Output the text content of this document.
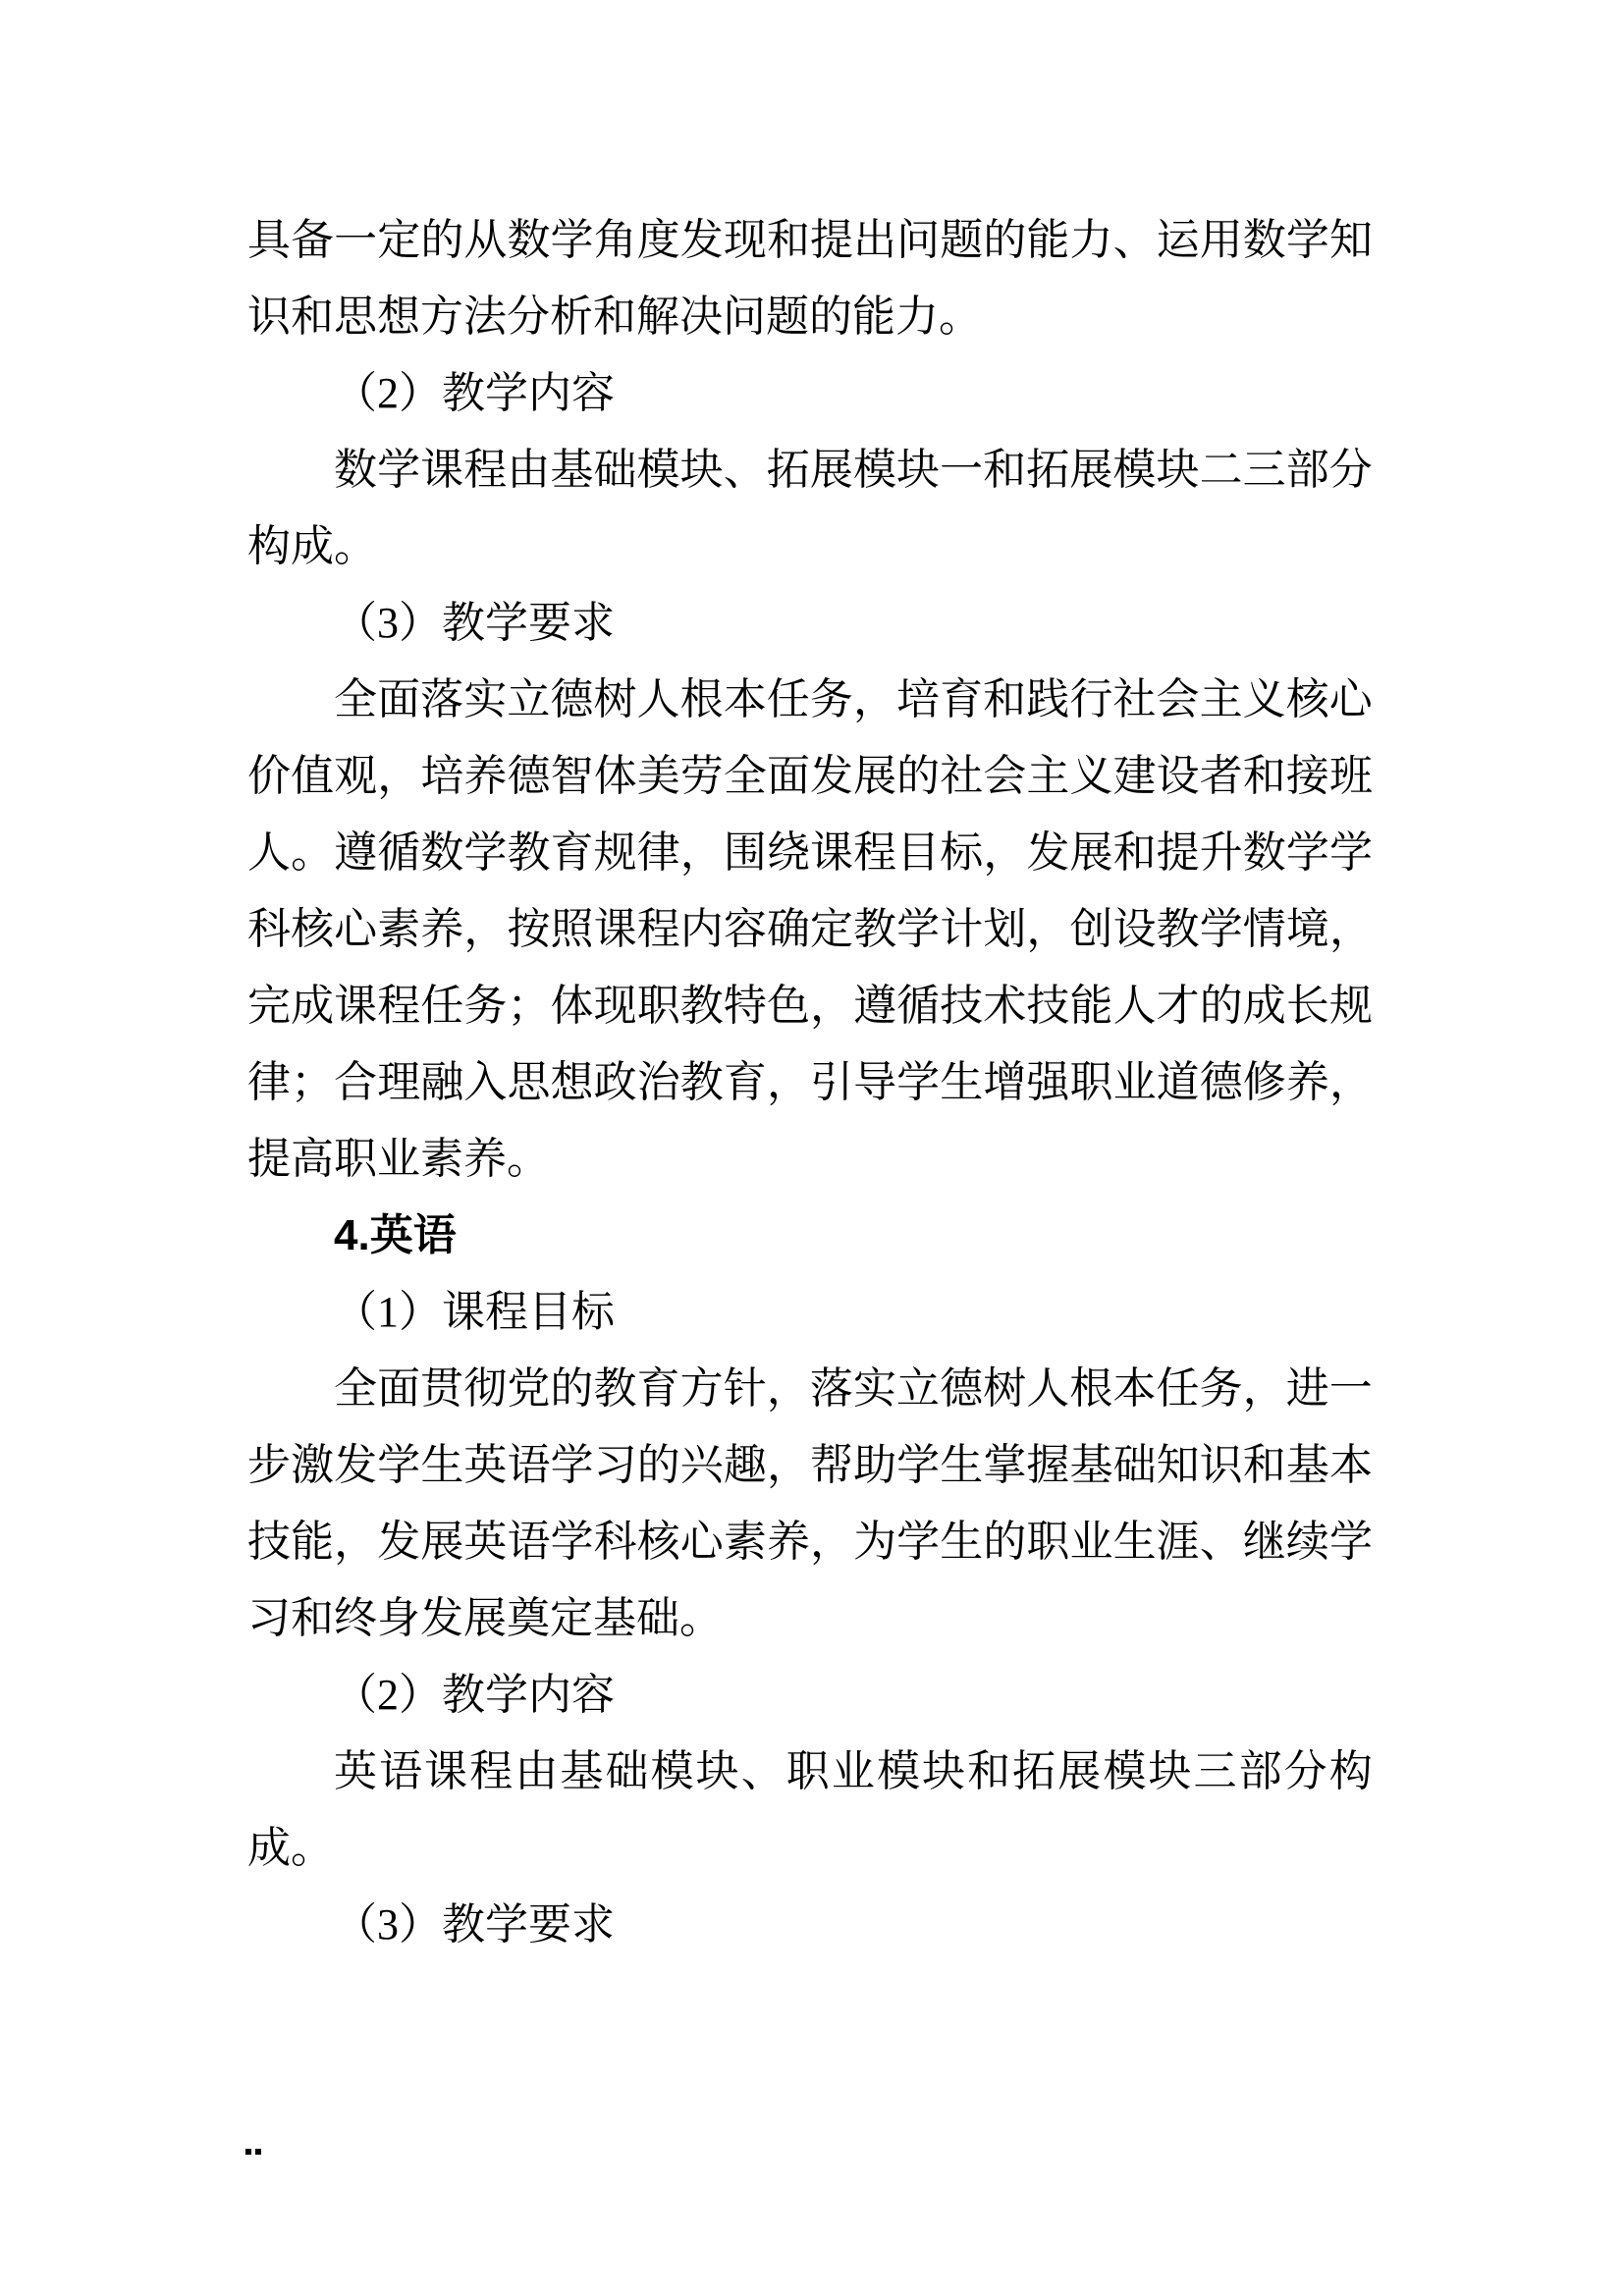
具 备 一 定 的 从 数 学 角 度 发 现 和 提 出 问 题 的 能 力 、 运 用 数 学 知
识和思想方法分析和解决问题的能力。
（2）教学内容
数 学 课 程 由 基 础 模 块 、 拓 展 模 块 一 和 拓 展 模 块 二 三 部 分
构成。
（3）教学要求
全 面 落 实 立 德 树 人 根 本 任 务 ， 培 育 和 践 行 社 会 主 义 核 心
价 值 观 ， 培 养 德 智 体 美 劳 全 面 发 展 的 社 会 主 义 建 设 者 和 接 班
人 。 遵 循 数 学 教 育 规 律 ， 围 绕 课 程 目 标 ， 发 展 和 提 升 数 学 学
科 核 心 素 养 ， 按 照 课 程 内 容 确 定 教 学 计 划 ， 创 设 教 学 情 境 ，
完 成 课 程 任 务 ； 体 现 职 教 特 色 ， 遵 循 技 术 技 能 人 才 的 成 长 规
律 ； 合 理 融 入 思 想 政 治 教 育 ， 引 导 学 生 增 强 职 业 道 德 修 养 ，
提高职业素养。
4.英语
（1）课程目标
全 面 贯 彻 党 的 教 育 方 针 ， 落 实 立 德 树 人 根 本 任 务 ， 进 一
步 激 发 学 生 英 语 学 习 的 兴 趣 ， 帮 助 学 生 掌 握 基 础 知 识 和 基 本
技 能 ， 发 展 英 语 学 科 核 心 素 养 ， 为 学 生 的 职 业 生 涯 、 继 续 学
习和终身发展奠定基础。
（2）教学内容
英 语 课 程 由 基 础 模 块 、 职 业 模 块 和 拓 展 模 块 三 部 分 构
成。
（3）教学要求
